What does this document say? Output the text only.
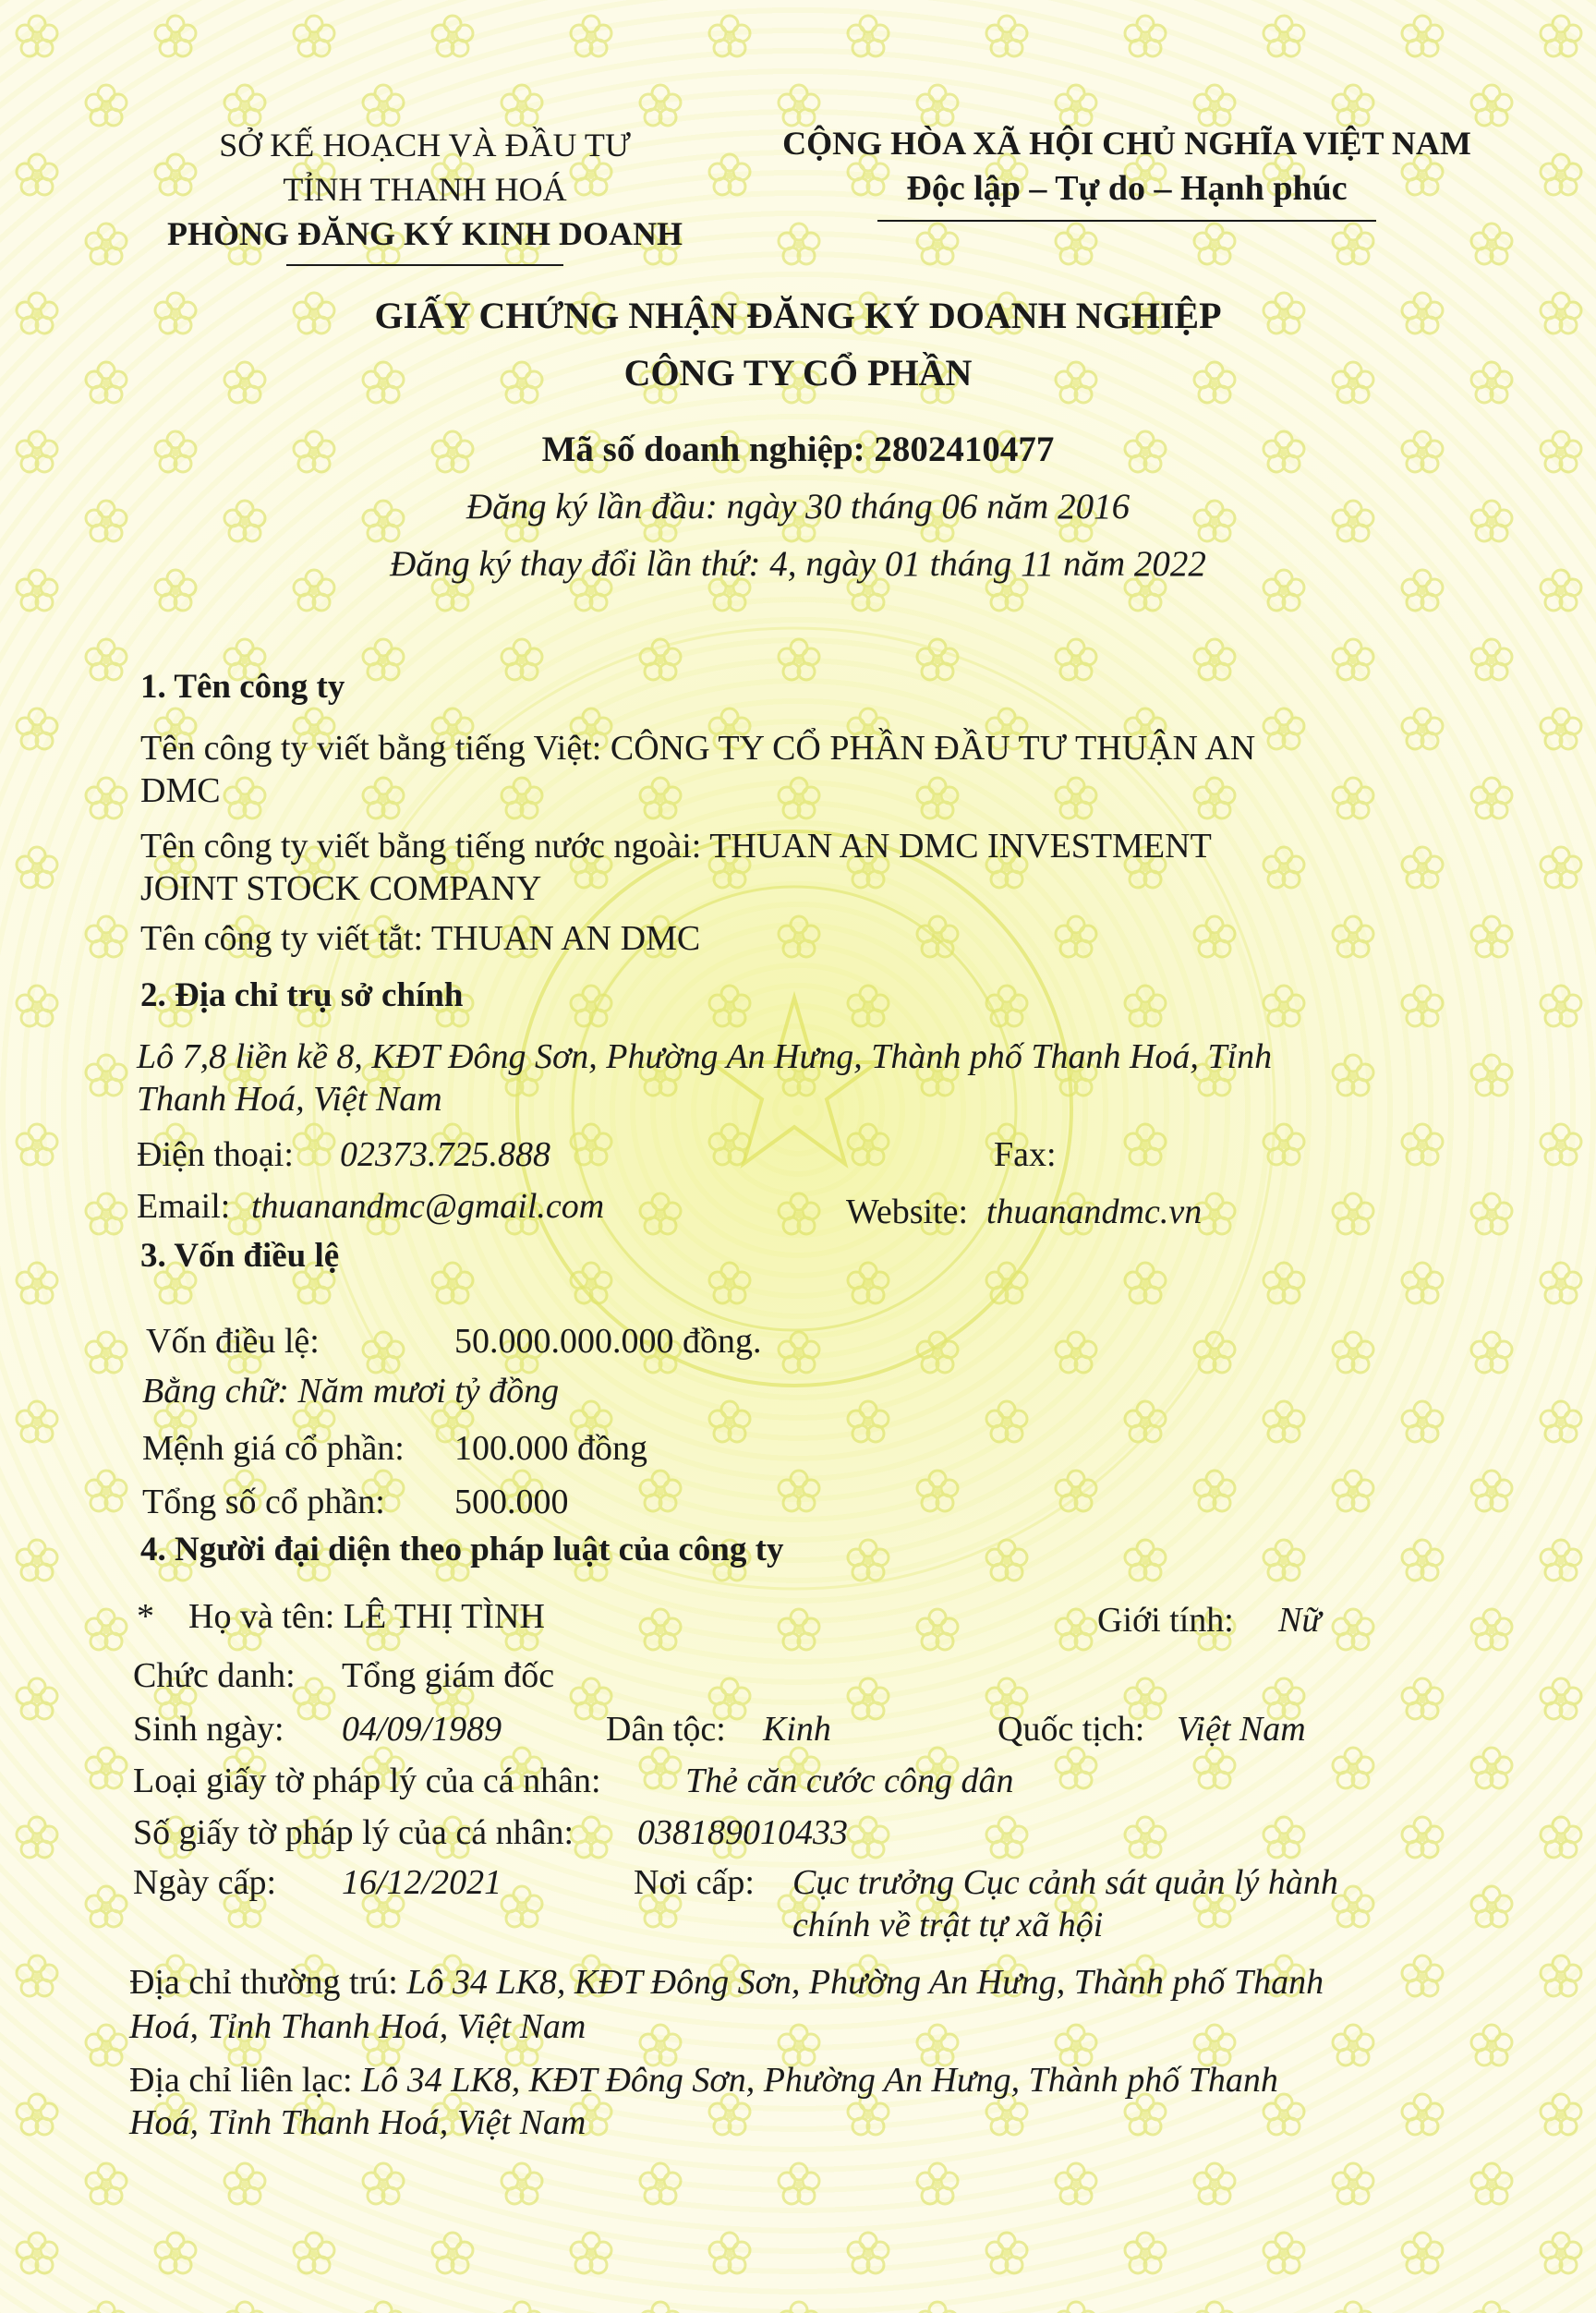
SỞ KẾ HOẠCH VÀ ĐẦU TƯ
TỈNH THANH HOÁ
PHÒNG ĐĂNG KÝ KINH DOANH
CỘNG HÒA XÃ HỘI CHỦ NGHĨA VIỆT NAM
Độc lập – Tự do – Hạnh phúc
GIẤY CHỨNG NHẬN ĐĂNG KÝ DOANH NGHIỆP
CÔNG TY CỔ PHẦN
Mã số doanh nghiệp: 2802410477
Đăng ký lần đầu: ngày 30 tháng 06 năm 2016
Đăng ký thay đổi lần thứ: 4, ngày 01 tháng 11 năm 2022
1. Tên công ty
Tên công ty viết bằng tiếng Việt: CÔNG TY CỔ PHẦN ĐẦU TƯ THUẬN AN
DMC
Tên công ty viết bằng tiếng nước ngoài: THUAN AN DMC INVESTMENT
JOINT STOCK COMPANY
Tên công ty viết tắt: THUAN AN DMC
2. Địa chỉ trụ sở chính
Lô 7,8 liền kề 8, KĐT Đông Sơn, Phường An Hưng, Thành phố Thanh Hoá, Tỉnh
Thanh Hoá, Việt Nam
Điện thoại: 02373.725.888	Fax:
Email: thuanandmc@gmail.com	Website: thuanandmc.vn
3. Vốn điều lệ
Vốn điều lệ:	50.000.000.000 đồng.
Bằng chữ: Năm mươi tỷ đồng
Mệnh giá cổ phần: 100.000 đồng
Tổng số cổ phần: 500.000
4. Người đại diện theo pháp luật của công ty
* Họ và tên: LÊ THỊ TÌNH	Giới tính: Nữ
Chức danh: Tổng giám đốc
Sinh ngày: 04/09/1989	Dân tộc: Kinh	Quốc tịch: Việt Nam
Loại giấy tờ pháp lý của cá nhân: Thẻ căn cước công dân
Số giấy tờ pháp lý của cá nhân: 038189010433
Ngày cấp: 16/12/2021	Nơi cấp: Cục trưởng Cục cảnh sát quản lý hành
chính về trật tự xã hội
Địa chỉ thường trú: Lô 34 LK8, KĐT Đông Sơn, Phường An Hưng, Thành phố Thanh
Hoá, Tỉnh Thanh Hoá, Việt Nam
Địa chỉ liên lạc: Lô 34 LK8, KĐT Đông Sơn, Phường An Hưng, Thành phố Thanh
Hoá, Tỉnh Thanh Hoá, Việt Nam
